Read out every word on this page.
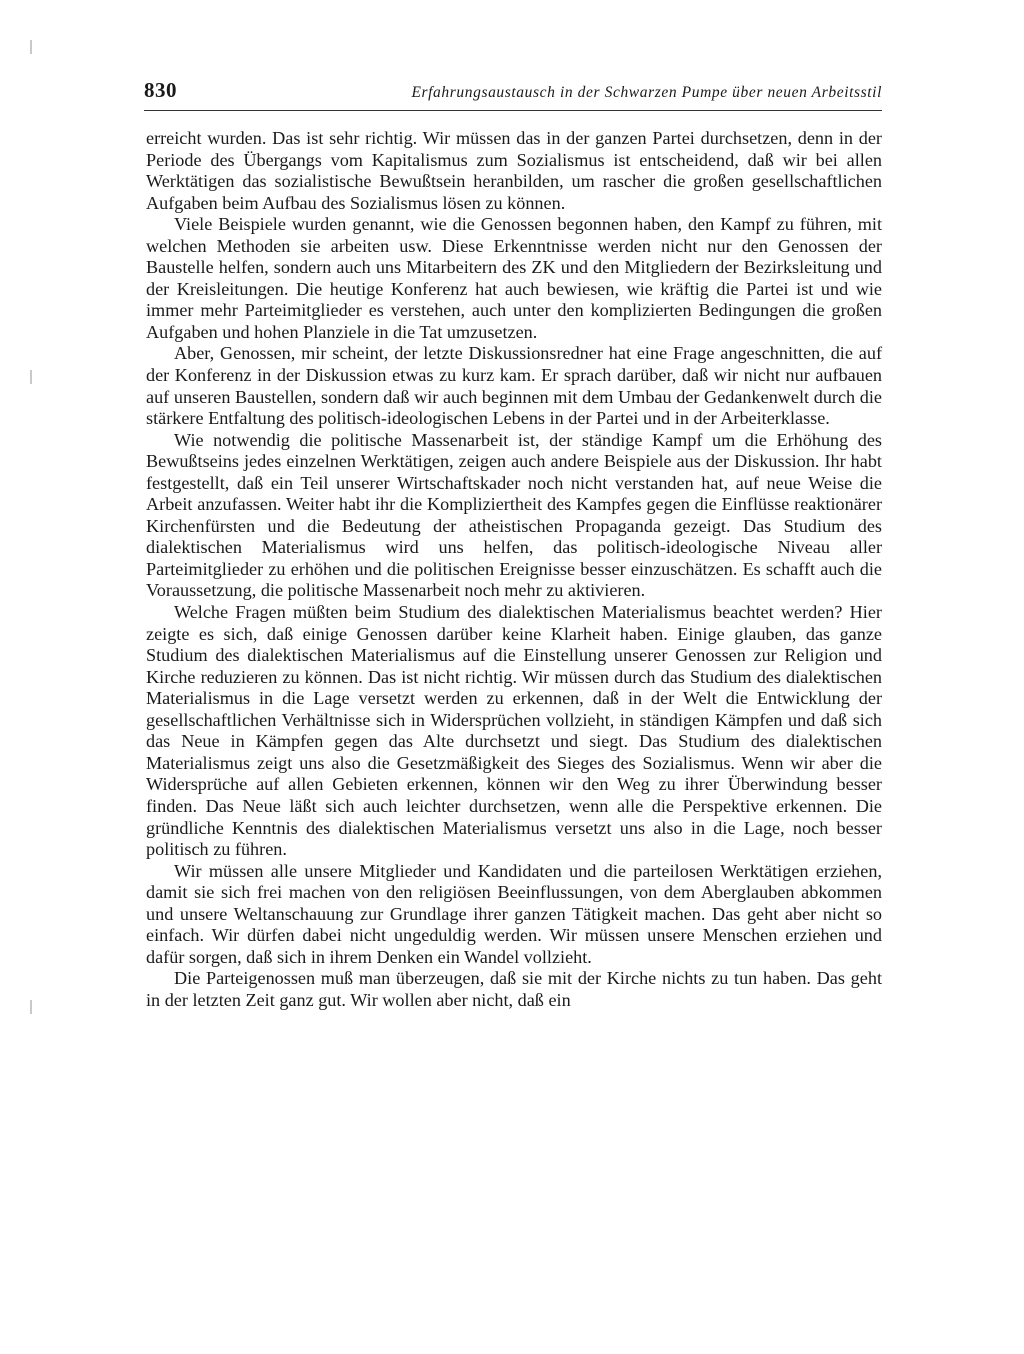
830	Erfahrungsaustausch in der Schwarzen Pumpe über neuen Arbeitsstil

erreicht wurden. Das ist sehr richtig. Wir müssen das in der ganzen Partei durchsetzen, denn in der Periode des Übergangs vom Kapitalismus zum Sozialismus ist entscheidend, daß wir bei allen Werktätigen das sozialistische Bewußtsein heranbilden, um rascher die großen gesellschaftlichen Aufgaben beim Aufbau des Sozialismus lösen zu können.

Viele Beispiele wurden genannt, wie die Genossen begonnen haben, den Kampf zu führen, mit welchen Methoden sie arbeiten usw. Diese Erkenntnisse werden nicht nur den Genossen der Baustelle helfen, sondern auch uns Mitarbeitern des ZK und den Mitgliedern der Bezirksleitung und der Kreisleitungen. Die heutige Konferenz hat auch bewiesen, wie kräftig die Partei ist und wie immer mehr Parteimitglieder es verstehen, auch unter den komplizierten Bedingungen die großen Aufgaben und hohen Planziele in die Tat umzusetzen.

Aber, Genossen, mir scheint, der letzte Diskussionsredner hat eine Frage angeschnitten, die auf der Konferenz in der Diskussion etwas zu kurz kam. Er sprach darüber, daß wir nicht nur aufbauen auf unseren Baustellen, sondern daß wir auch beginnen mit dem Umbau der Gedankenwelt durch die stärkere Entfaltung des politisch-ideologischen Lebens in der Partei und in der Arbeiterklasse.

Wie notwendig die politische Massenarbeit ist, der ständige Kampf um die Erhöhung des Bewußtseins jedes einzelnen Werktätigen, zeigen auch andere Beispiele aus der Diskussion. Ihr habt festgestellt, daß ein Teil unserer Wirtschaftskader noch nicht verstanden hat, auf neue Weise die Arbeit anzufassen. Weiter habt ihr die Kompliziertheit des Kampfes gegen die Einflüsse reaktionärer Kirchenfürsten und die Bedeutung der atheistischen Propaganda gezeigt. Das Studium des dialektischen Materialismus wird uns helfen, das politisch-ideologische Niveau aller Parteimitglieder zu erhöhen und die politischen Ereignisse besser einzuschätzen. Es schafft auch die Voraussetzung, die politische Massenarbeit noch mehr zu aktivieren.

Welche Fragen müßten beim Studium des dialektischen Materialismus beachtet werden? Hier zeigte es sich, daß einige Genossen darüber keine Klarheit haben. Einige glauben, das ganze Studium des dialektischen Materialismus auf die Einstellung unserer Genossen zur Religion und Kirche reduzieren zu können. Das ist nicht richtig. Wir müssen durch das Studium des dialektischen Materialismus in die Lage versetzt werden zu erkennen, daß in der Welt die Entwicklung der gesellschaftlichen Verhältnisse sich in Widersprüchen vollzieht, in ständigen Kämpfen und daß sich das Neue in Kämpfen gegen das Alte durchsetzt und siegt. Das Studium des dialektischen Materialismus zeigt uns also die Gesetzmäßigkeit des Sieges des Sozialismus. Wenn wir aber die Widersprüche auf allen Gebieten erkennen, können wir den Weg zu ihrer Überwindung besser finden. Das Neue läßt sich auch leichter durchsetzen, wenn alle die Perspektive erkennen. Die gründliche Kenntnis des dialektischen Materialismus versetzt uns also in die Lage, noch besser politisch zu führen.

Wir müssen alle unsere Mitglieder und Kandidaten und die parteilosen Werktätigen erziehen, damit sie sich frei machen von den religiösen Beeinflussungen, von dem Aberglauben abkommen und unsere Weltanschauung zur Grundlage ihrer ganzen Tätigkeit machen. Das geht aber nicht so einfach. Wir dürfen dabei nicht ungeduldig werden. Wir müssen unsere Menschen erziehen und dafür sorgen, daß sich in ihrem Denken ein Wandel vollzieht.

Die Parteigenossen muß man überzeugen, daß sie mit der Kirche nichts zu tun haben. Das geht in der letzten Zeit ganz gut. Wir wollen aber nicht, daß ein
